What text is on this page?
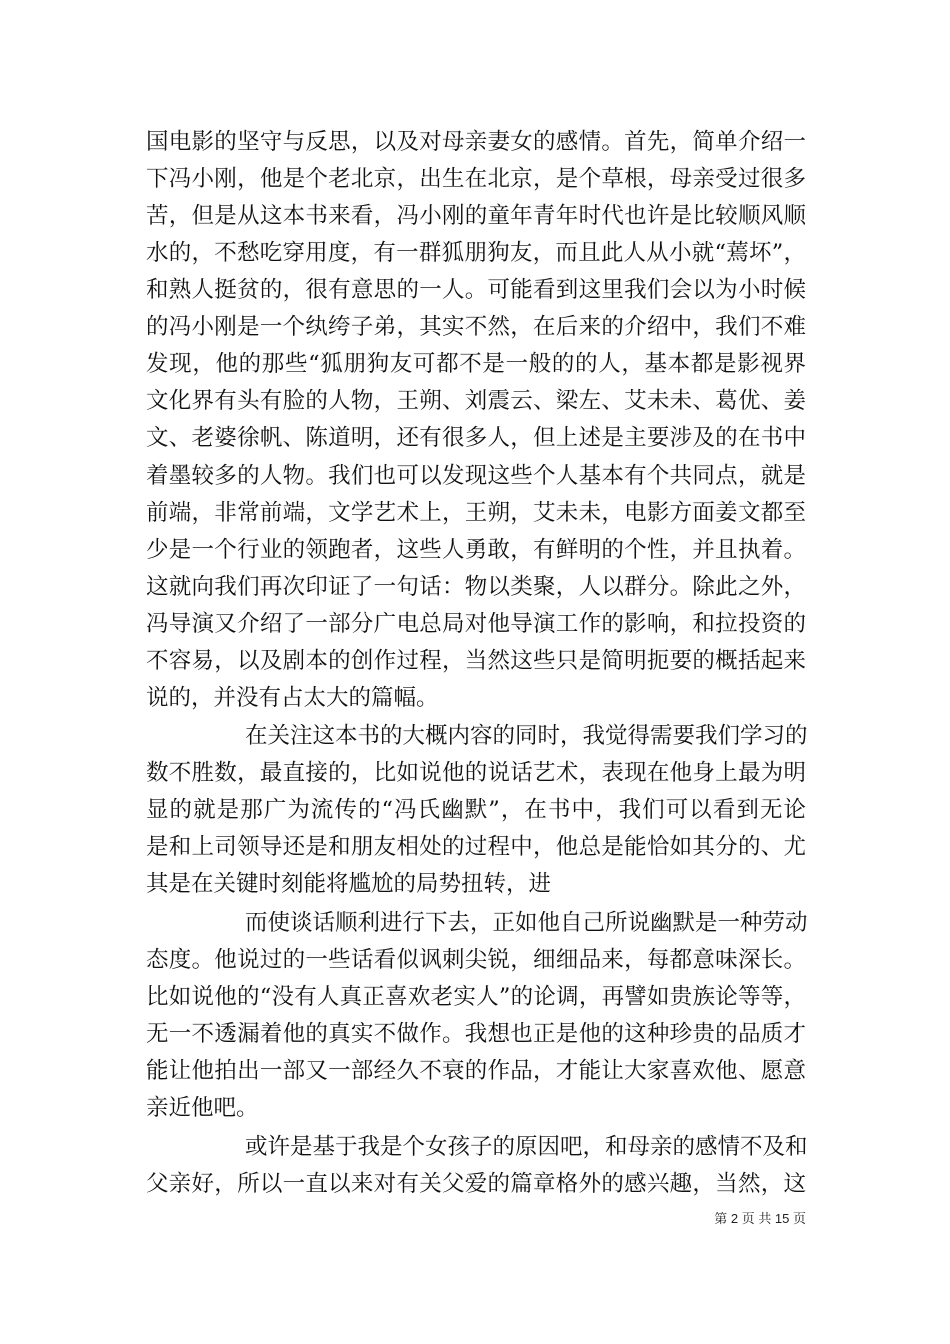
国电影的坚守与反思，以及对母亲妻女的感情。首先，简单介绍一
下冯小刚，他是个老北京，出生在北京，是个草根，母亲受过很多
苦，但是从这本书来看，冯小刚的童年青年时代也许是比较顺风顺
水的，不愁吃穿用度，有一群狐朋狗友，而且此人从小就“蔫坏”，
和熟人挺贫的，很有意思的一人。可能看到这里我们会以为小时候
的冯小刚是一个纨绔子弟，其实不然，在后来的介绍中，我们不难
发现，他的那些“狐朋狗友可都不是一般的的人，基本都是影视界
文化界有头有脸的人物，王朔、刘震云、梁左、艾未未、葛优、姜
文、老婆徐帆、陈道明，还有很多人，但上述是主要涉及的在书中
着墨较多的人物。我们也可以发现这些个人基本有个共同点，就是
前端，非常前端，文学艺术上，王朔，艾未未，电影方面姜文都至
少是一个行业的领跑者，这些人勇敢，有鲜明的个性，并且执着。
这就向我们再次印证了一句话：物以类聚，人以群分。除此之外，
冯导演又介绍了一部分广电总局对他导演工作的影响，和拉投资的
不容易，以及剧本的创作过程，当然这些只是简明扼要的概括起来
说的，并没有占太大的篇幅。
在关注这本书的大概内容的同时，我觉得需要我们学习的
数不胜数，最直接的，比如说他的说话艺术，表现在他身上最为明
显的就是那广为流传的“冯氏幽默”，在书中，我们可以看到无论
是和上司领导还是和朋友相处的过程中，他总是能恰如其分的、尤
其是在关键时刻能将尴尬的局势扭转，进
而使谈话顺利进行下去，正如他自己所说幽默是一种劳动
态度。他说过的一些话看似讽刺尖锐，细细品来，每都意味深长。
比如说他的“没有人真正喜欢老实人”的论调，再譬如贵族论等等，
无一不透漏着他的真实不做作。我想也正是他的这种珍贵的品质才
能让他拍出一部又一部经久不衰的作品，才能让大家喜欢他、愿意
亲近他吧。
或许是基于我是个女孩子的原因吧，和母亲的感情不及和
父亲好，所以一直以来对有关父爱的篇章格外的感兴趣，当然，这
第 2 页 共 15 页
